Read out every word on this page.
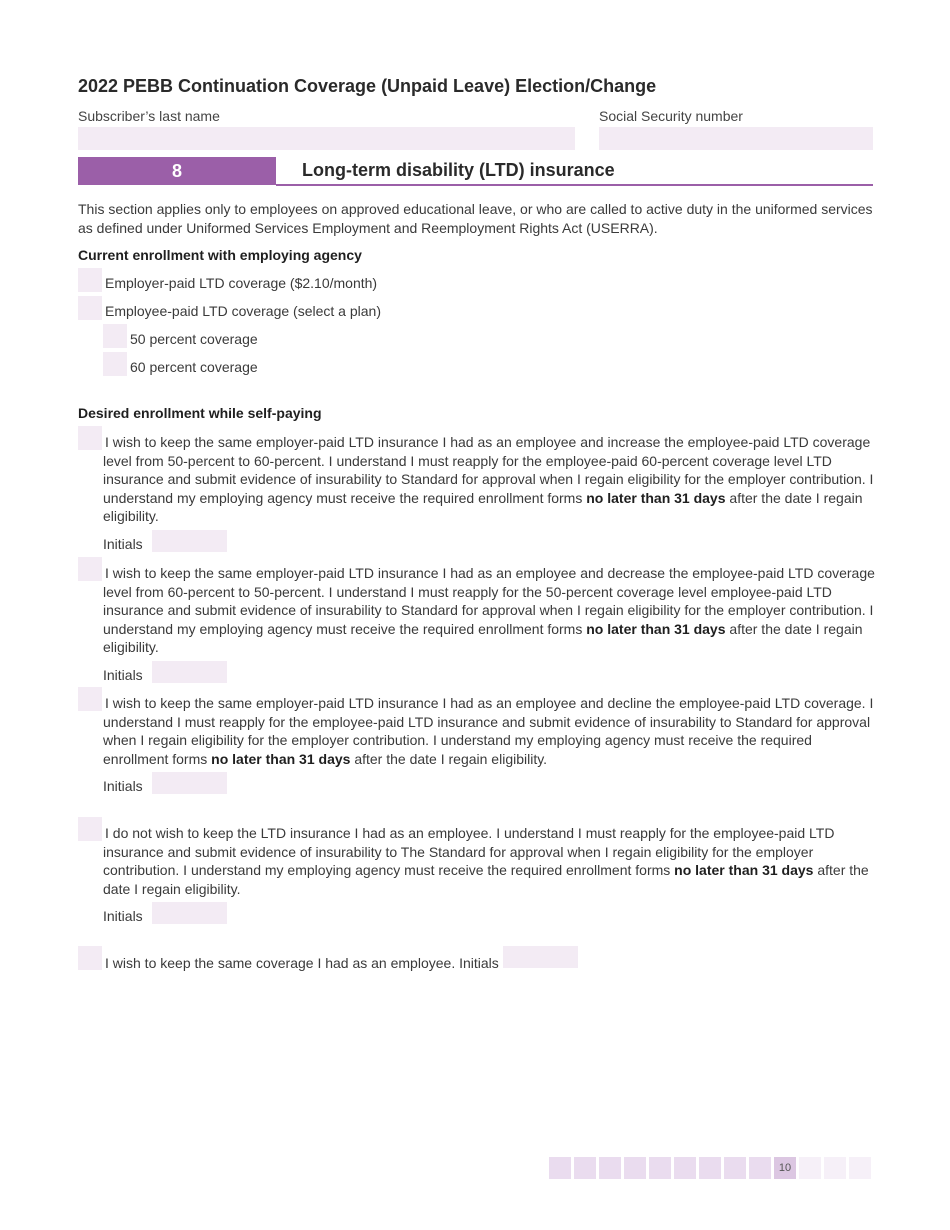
2022 PEBB Continuation Coverage (Unpaid Leave) Election/Change
Subscriber’s last name	Social Security number
8	Long-term disability (LTD) insurance
This section applies only to employees on approved educational leave, or who are called to active duty in the uniformed services as defined under Uniformed Services Employment and Reemployment Rights Act (USERRA).
Current enrollment with employing agency
Employer-paid LTD coverage ($2.10/month)
Employee-paid LTD coverage (select a plan)
50 percent coverage
60 percent coverage
Desired enrollment while self-paying
I wish to keep the same employer-paid LTD insurance I had as an employee and increase the employee-paid LTD coverage level from 50-percent to 60-percent. I understand I must reapply for the employee-paid 60-percent coverage level LTD insurance and submit evidence of insurability to Standard for approval when I regain eligibility for the employer contribution. I understand my employing agency must receive the required enrollment forms no later than 31 days after the date I regain eligibility.
Initials
I wish to keep the same employer-paid LTD insurance I had as an employee and decrease the employee-paid LTD coverage level from 60-percent to 50-percent. I understand I must reapply for the 50-percent coverage level employee-paid LTD insurance and submit evidence of insurability to Standard for approval when I regain eligibility for the employer contribution. I understand my employing agency must receive the required enrollment forms no later than 31 days after the date I regain eligibility.
Initials
I wish to keep the same employer-paid LTD insurance I had as an employee and decline the employee-paid LTD coverage. I understand I must reapply for the employee-paid LTD insurance and submit evidence of insurability to Standard for approval when I regain eligibility for the employer contribution. I understand my employing agency must receive the required enrollment forms no later than 31 days after the date I regain eligibility.
Initials
I do not wish to keep the LTD insurance I had as an employee. I understand I must reapply for the employee-paid LTD insurance and submit evidence of insurability to The Standard for approval when I regain eligibility for the employer contribution. I understand my employing agency must receive the required enrollment forms no later than 31 days after the date I regain eligibility.
Initials
I wish to keep the same coverage I had as an employee. Initials
10
